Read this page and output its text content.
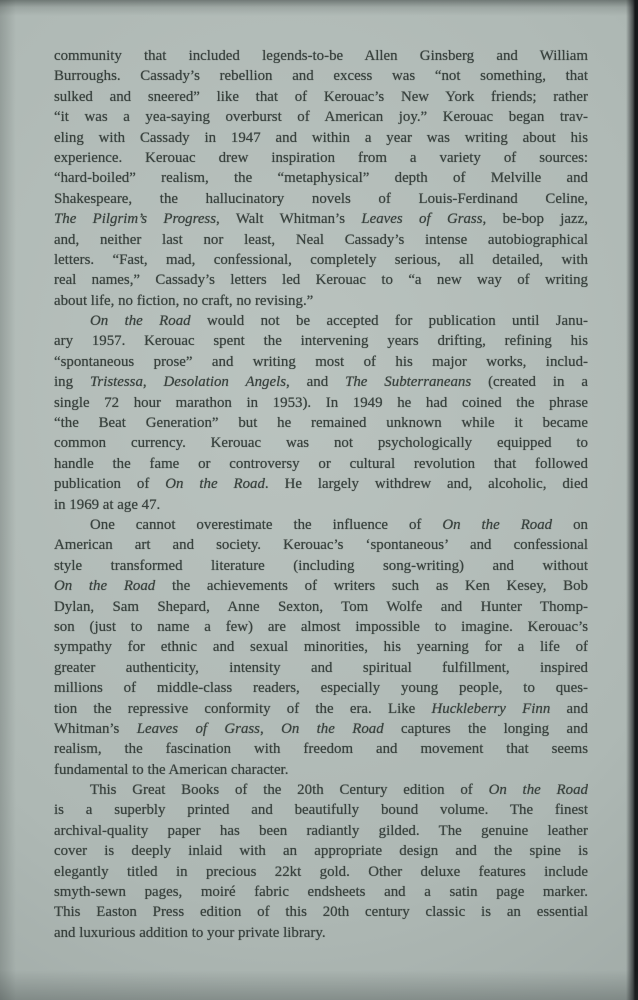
community that included legends-to-be Allen Ginsberg and William
Burroughs. Cassady’s rebellion and excess was “not something, that
sulked and sneered” like that of Kerouac’s New York friends; rather
“it was a yea-saying overburst of American joy.” Kerouac began trav-
eling with Cassady in 1947 and within a year was writing about his
experience. Kerouac drew inspiration from a variety of sources:
“hard-boiled” realism, the “metaphysical” depth of Melville and
Shakespeare, the hallucinatory novels of Louis-Ferdinand Celine,
The Pilgrim’s Progress, Walt Whitman’s Leaves of Grass, be-bop jazz,
and, neither last nor least, Neal Cassady’s intense autobiographical
letters. “Fast, mad, confessional, completely serious, all detailed, with
real names,” Cassady’s letters led Kerouac to “a new way of writing
about life, no fiction, no craft, no revising.”
On the Road would not be accepted for publication until Janu-
ary 1957. Kerouac spent the intervening years drifting, refining his
“spontaneous prose” and writing most of his major works, includ-
ing Tristessa, Desolation Angels, and The Subterraneans (created in a
single 72 hour marathon in 1953). In 1949 he had coined the phrase
“the Beat Generation” but he remained unknown while it became
common currency. Kerouac was not psychologically equipped to
handle the fame or controversy or cultural revolution that followed
publication of On the Road. He largely withdrew and, alcoholic, died
in 1969 at age 47.
One cannot overestimate the influence of On the Road on
American art and society. Kerouac’s ‘spontaneous’ and confessional
style transformed literature (including song-writing) and without
On the Road the achievements of writers such as Ken Kesey, Bob
Dylan, Sam Shepard, Anne Sexton, Tom Wolfe and Hunter Thomp-
son (just to name a few) are almost impossible to imagine. Kerouac’s
sympathy for ethnic and sexual minorities, his yearning for a life of
greater authenticity, intensity and spiritual fulfillment, inspired
millions of middle-class readers, especially young people, to ques-
tion the repressive conformity of the era. Like Huckleberry Finn and
Whitman’s Leaves of Grass, On the Road captures the longing and
realism, the fascination with freedom and movement that seems
fundamental to the American character.
This Great Books of the 20th Century edition of On the Road
is a superbly printed and beautifully bound volume. The finest
archival-quality paper has been radiantly gilded. The genuine leather
cover is deeply inlaid with an appropriate design and the spine is
elegantly titled in precious 22kt gold. Other deluxe features include
smyth-sewn pages, moiré fabric endsheets and a satin page marker.
This Easton Press edition of this 20th century classic is an essential
and luxurious addition to your private library.
